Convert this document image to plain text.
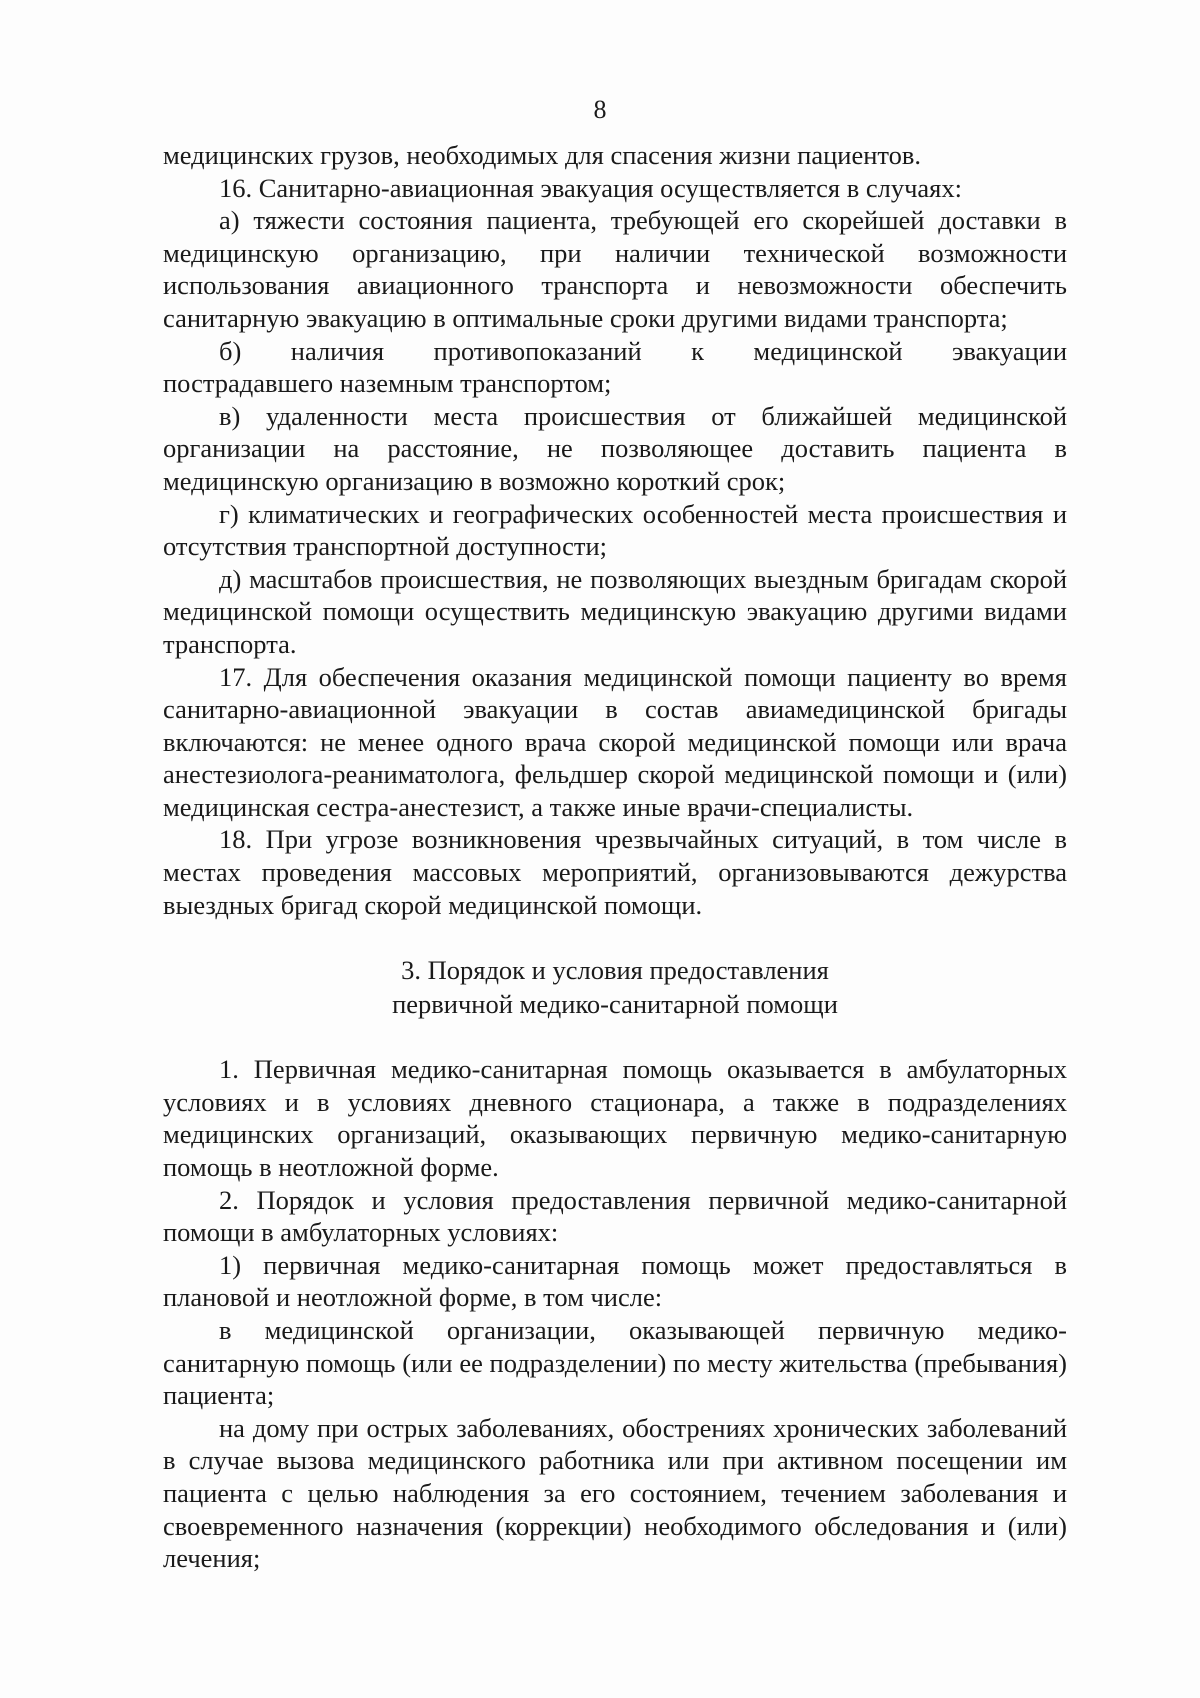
8

медицинских грузов, необходимых для спасения жизни пациентов.

16. Санитарно-авиационная эвакуация осуществляется в случаях:

а) тяжести состояния пациента, требующей его скорейшей доставки в медицинскую организацию, при наличии технической возможности использования авиационного транспорта и невозможности обеспечить санитарную эвакуацию в оптимальные сроки другими видами транспорта;

б) наличия противопоказаний к медицинской эвакуации

пострадавшего наземным транспортом;

в) удаленности места происшествия от ближайшей медицинской организации на расстояние, не позволяющее доставить пациента в медицинскую организацию в возможно короткий срок;

г) климатических и географических особенностей места происшествия и отсутствия транспортной доступности;

д) масштабов происшествия, не позволяющих выездным бригадам скорой медицинской помощи осуществить медицинскую эвакуацию другими видами транспорта.

17. Для обеспечения оказания медицинской помощи пациенту во время санитарно-авиационной эвакуации в состав авиамедицинской бригады включаются: не менее одного врача скорой медицинской помощи или врача анестезиолога-реаниматолога, фельдшер скорой медицинской помощи и (или) медицинская сестра-анестезист, а также иные врачи-специалисты.

18. При угрозе возникновения чрезвычайных ситуаций, в том числе в местах проведения массовых мероприятий, организовываются дежурства выездных бригад скорой медицинской помощи.

3. Порядок и условия предоставления
первичной медико-санитарной помощи

1. Первичная медико-санитарная помощь оказывается в амбулаторных условиях и в условиях дневного стационара, а также в подразделениях медицинских организаций, оказывающих первичную медико-санитарную помощь в неотложной форме.

2. Порядок и условия предоставления первичной медико-санитарной помощи в амбулаторных условиях:

1) первичная медико-санитарная помощь может предоставляться в плановой и неотложной форме, в том числе:

в медицинской организации, оказывающей первичную медико-санитарную помощь (или ее подразделении) по месту жительства (пребывания) пациента;

на дому при острых заболеваниях, обострениях хронических заболеваний в случае вызова медицинского работника или при активном посещении им пациента с целью наблюдения за его состоянием, течением заболевания и своевременного назначения (коррекции) необходимого обследования и (или) лечения;
